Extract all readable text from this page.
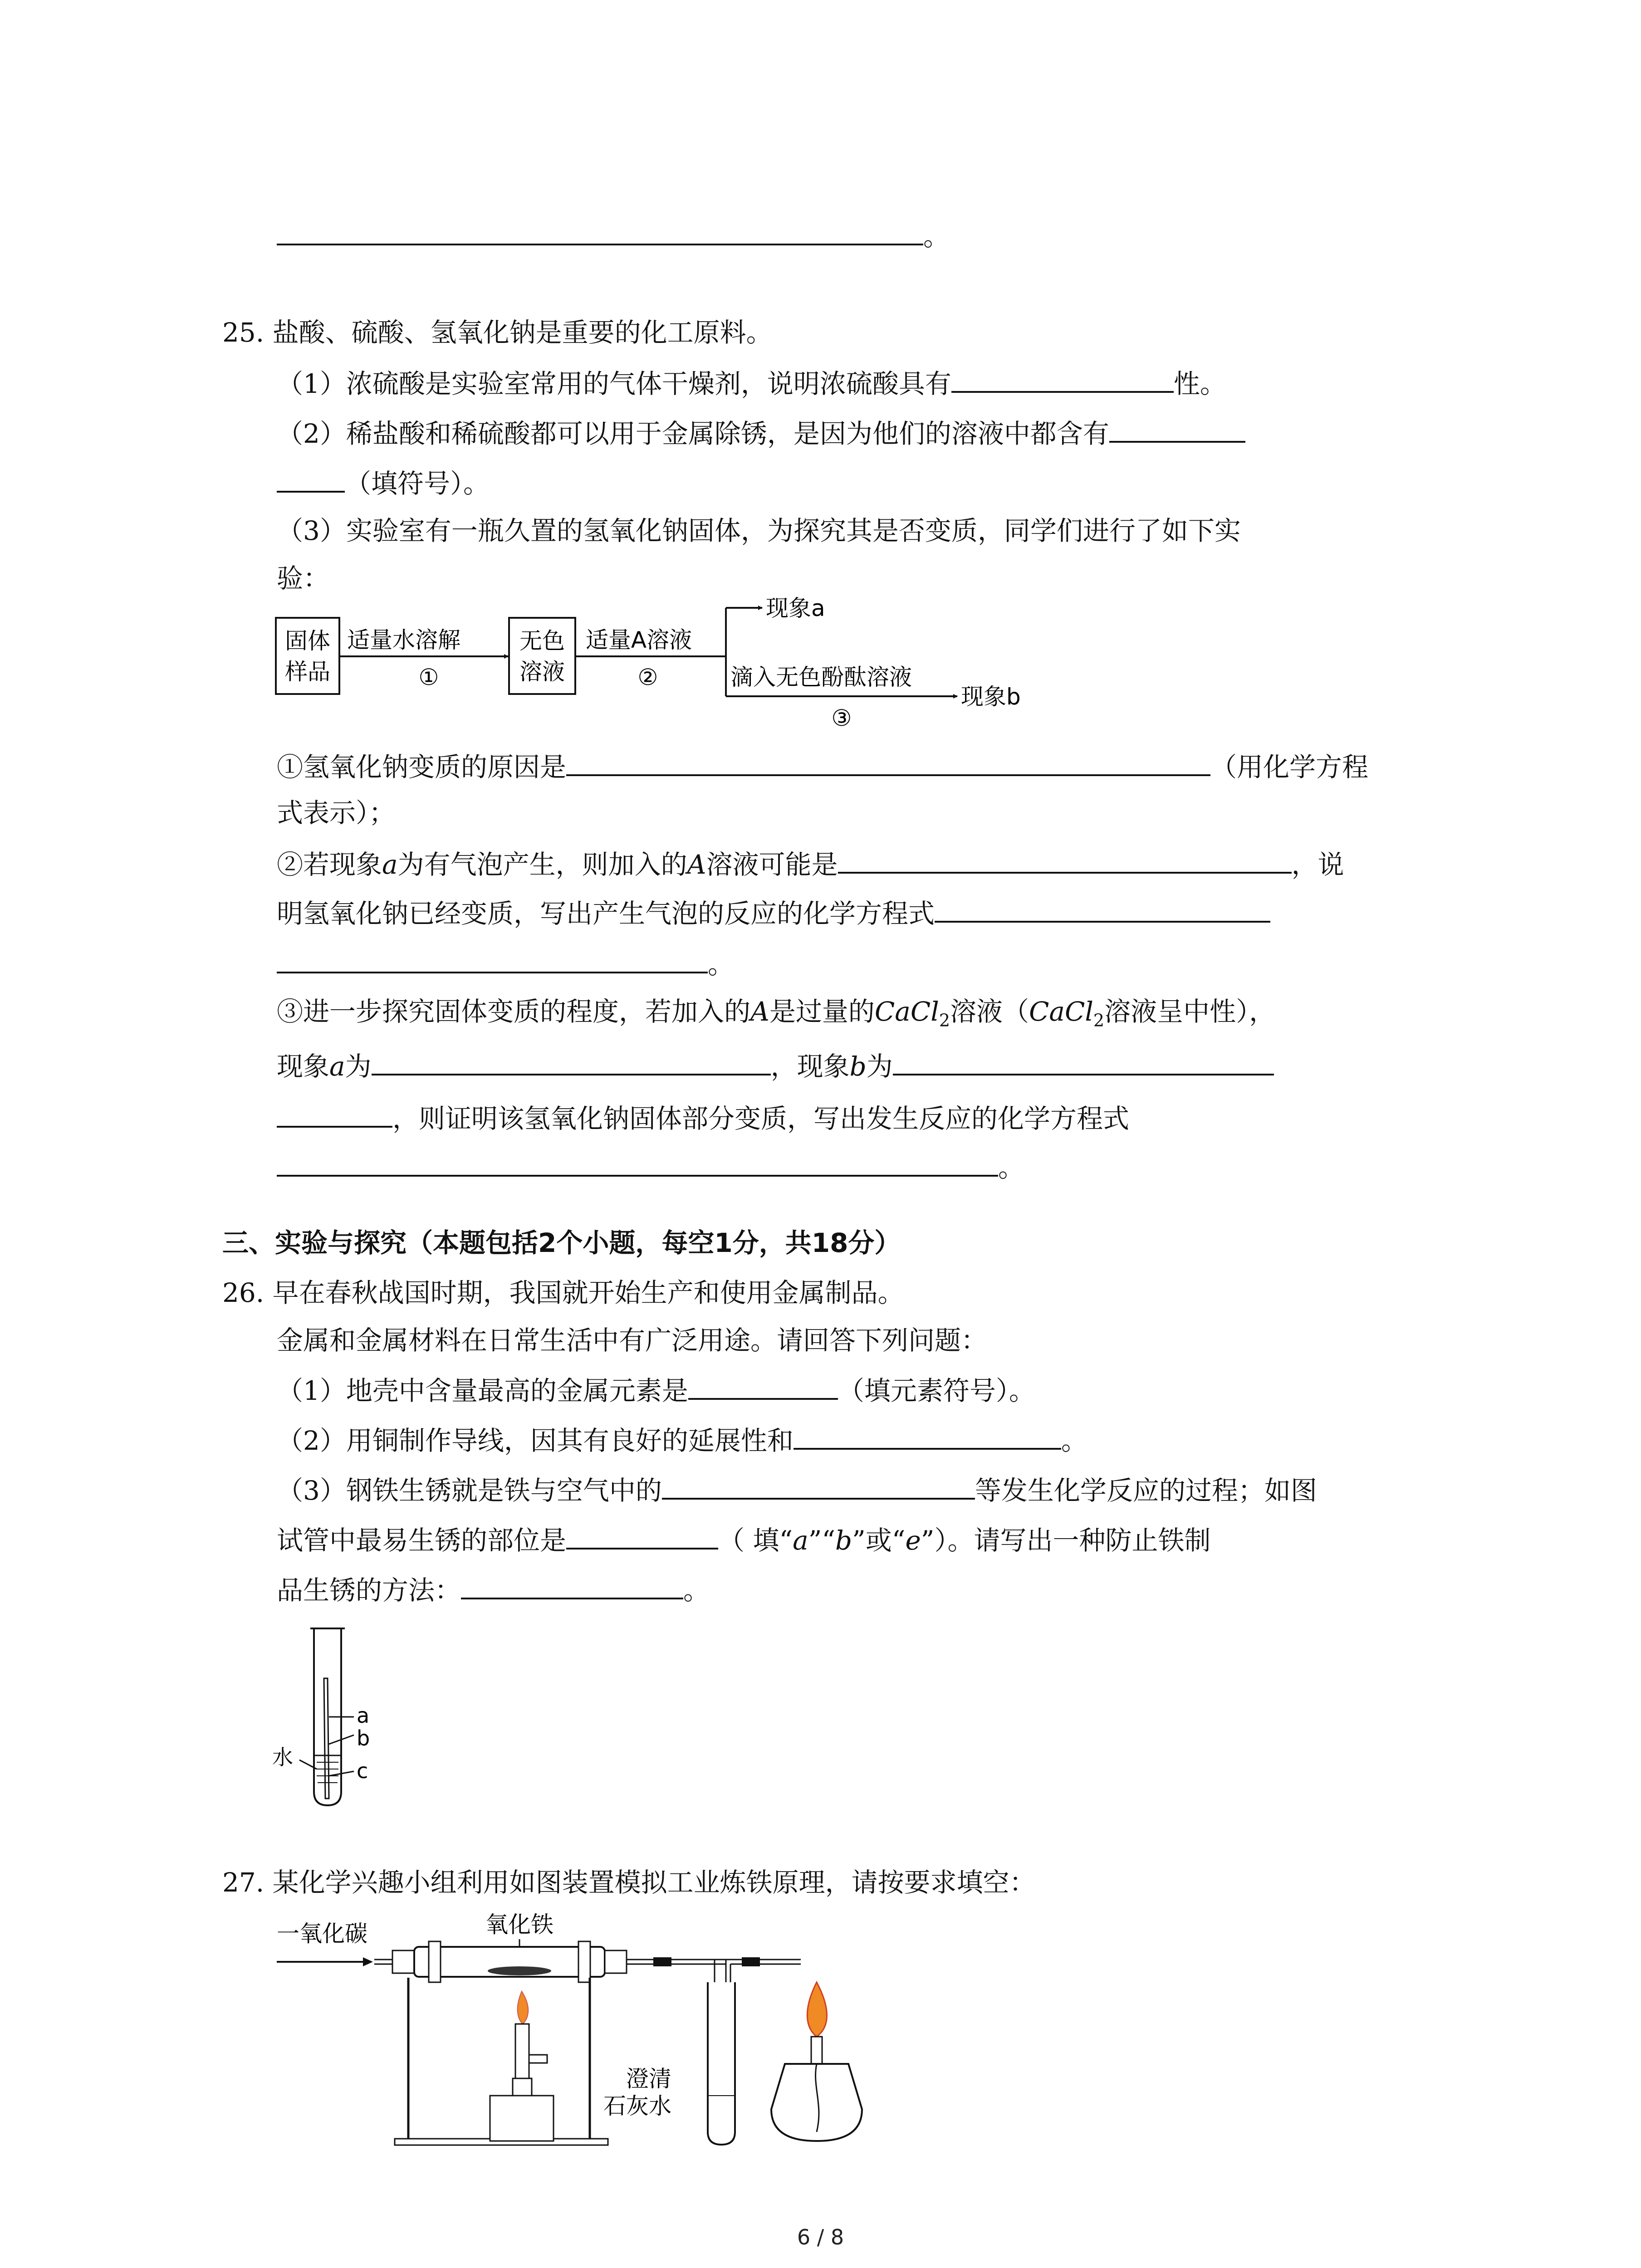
。
25. 盐酸、硫酸、氢氧化钠是重要的化工原料。
（1）浓硫酸是实验室常用的气体干燥剂，说明浓硫酸具有	性。
（2）稀盐酸和稀硫酸都可以用于金属除锈，是因为他们的溶液中都含有
（填符号）。
（3）实验室有一瓶久置的氢氧化钠固体，为探究其是否变质，同学们进行了如下实
验：
固体
样品
适量水溶解
①
无色
溶液
适量A溶液
②
现象a
滴入无色酚酞溶液
③
现象b
①氢氧化钠变质的原因是	（用化学方程
式表示）；
②若现象a为有气泡产生，则加入的A溶液可能是	，说
明氢氧化钠已经变质，写出产生气泡的反应的化学方程式
。
③进一步探究固体变质的程度，若加入的A是过量的CaCl$_2$溶液（CaCl$_2$溶液呈中性），
现象a为	，现象b为
，则证明该氢氧化钠固体部分变质，写出发生反应的化学方程式
。
三、实验与探究（本题包括2个小题，每空1分，共18分）
26. 早在春秋战国时期，我国就开始生产和使用金属制品。
金属和金属材料在日常生活中有广泛用途。请回答下列问题：
（1）地壳中含量最高的金属元素是	（填元素符号）。
（2）用铜制作导线，因其有良好的延展性和	。
（3）钢铁生锈就是铁与空气中的	等发生化学反应的过程；如图
试管中最易生锈的部位是	（ 填“a”“b”或“e”）。请写出一种防止铁制
品生锈的方法：	。
a
b
c
水
27. 某化学兴趣小组利用如图装置模拟工业炼铁原理，请按要求填空：
一氧化碳	氧化铁
澄清
石灰水
6 / 8
